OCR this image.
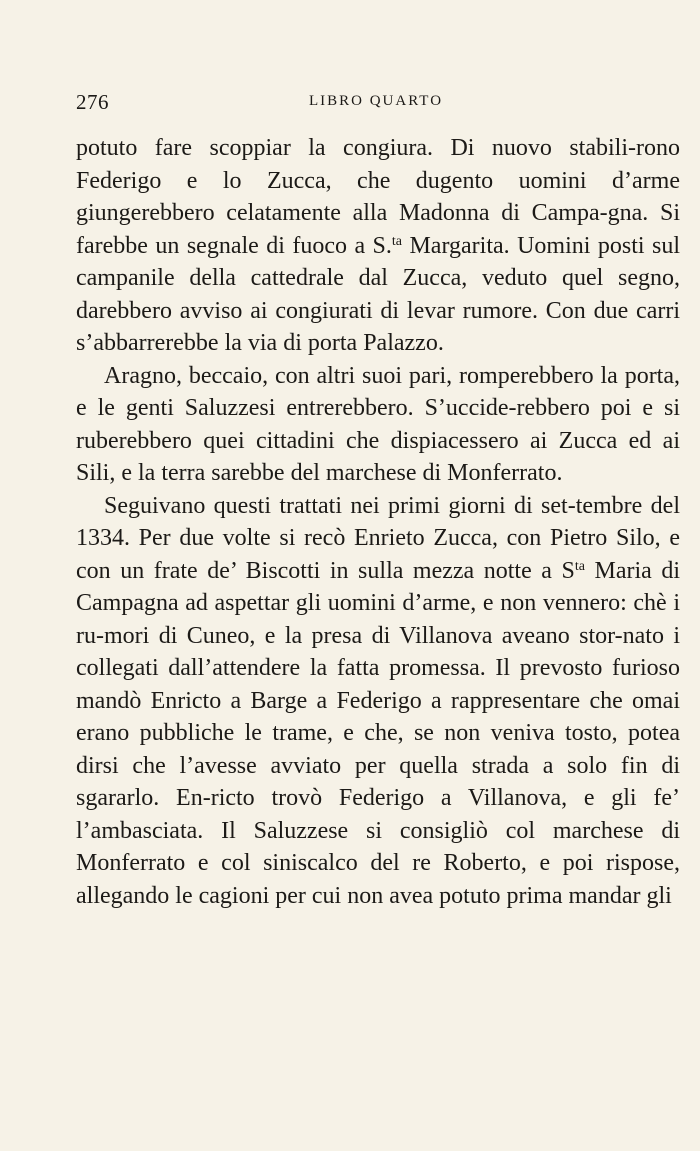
276	LIBRO QUARTO

potuto fare scoppiar la congiura. Di nuovo stabili-rono Federigo e lo Zucca, che dugento uomini d’arme giungerebbero celatamente alla Madonna di Campa-gna. Si farebbe un segnale di fuoco a S.$^{ta}$ Margarita. Uomini posti sul campanile della cattedrale dal Zucca, veduto quel segno, darebbero avviso ai congiurati di levar rumore. Con due carri s’abbarrerebbe la via di porta Palazzo.

Aragno, beccaio, con altri suoi pari, romperebbero la porta, e le genti Saluzzesi entrerebbero. S’uccide-rebbero poi e si ruberebbero quei cittadini che dispiacessero ai Zucca ed ai Sili, e la terra sarebbe del marchese di Monferrato.

Seguivano questi trattati nei primi giorni di set-tembre del 1334. Per due volte si recò Enrieto Zucca, con Pietro Silo, e con un frate de’ Biscotti in sulla mezza notte a $S^{ta}$ Maria di Campagna ad aspettar gli uomini d’arme, e non vennero: chè i ru-mori di Cuneo, e la presa di Villanova aveano stor-nato i collegati dall’attendere la fatta promessa. Il prevosto furioso mandò Enricto a Barge a Federigo a rappresentare che omai erano pubbliche le trame, e che, se non veniva tosto, potea dirsi che l’avesse avviato per quella strada a solo fin di sgararlo. En-ricto trovò Federigo a Villanova, e gli fe’ l’ambasciata. Il Saluzzese si consigliò col marchese di Monferrato e col siniscalco del re Roberto, e poi rispose, allegando le cagioni per cui non avea potuto prima mandar gli
